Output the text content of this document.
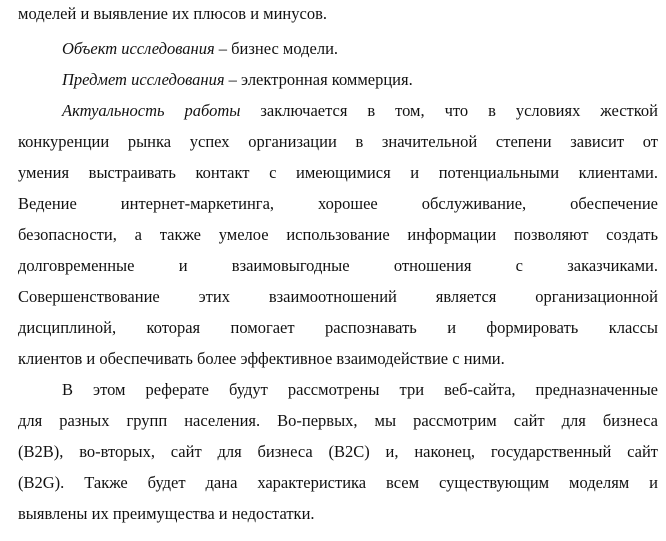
моделей и выявление их плюсов и минусов.
Объект исследования – бизнес модели.
Предмет исследования – электронная коммерция.
Актуальность работы заключается в том, что в условиях жесткой
конкуренции рынка успех организации в значительной степени зависит от
умения выстраивать контакт с имеющимися и потенциальными клиентами.
Ведение интернет-маркетинга, хорошее обслуживание, обеспечение
безопасности, а также умелое использование информации позволяют создать
долговременные и взаимовыгодные отношения с заказчиками.
Совершенствование этих взаимоотношений является организационной
дисциплиной, которая помогает распознавать и формировать классы
клиентов и обеспечивать более эффективное взаимодействие с ними.
В этом реферате будут рассмотрены три веб-сайта, предназначенные
для разных групп населения. Во-первых, мы рассмотрим сайт для бизнеса
(B2B), во-вторых, сайт для бизнеса (B2C) и, наконец, государственный сайт
(B2G). Также будет дана характеристика всем существующим моделям и
выявлены их преимущества и недостатки.
